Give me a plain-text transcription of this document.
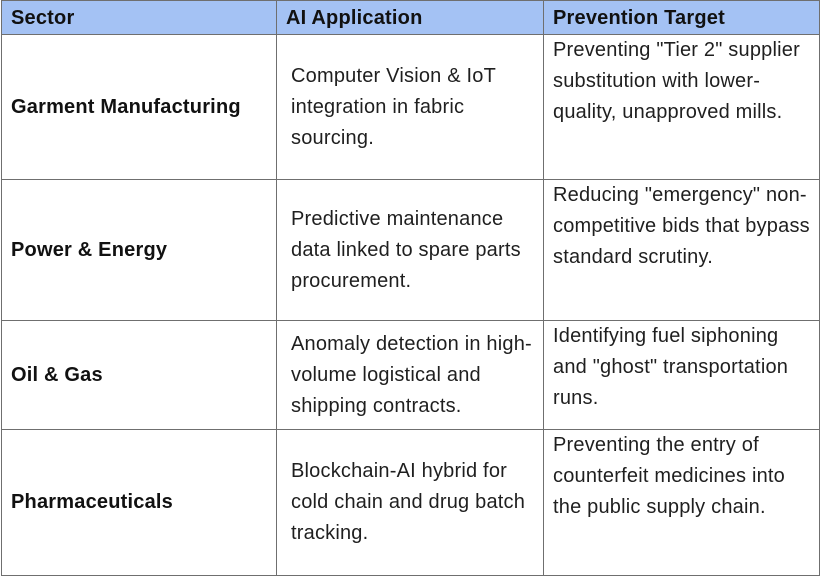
Sector	AI Application	Prevention Target
Garment Manufacturing	Computer Vision & IoT integration in fabric sourcing.	Preventing "Tier 2" supplier substitution with lower-quality, unapproved mills.
Power & Energy	Predictive maintenance data linked to spare parts procurement.	Reducing "emergency" non-competitive bids that bypass standard scrutiny.
Oil & Gas	Anomaly detection in high-volume logistical and shipping contracts.	Identifying fuel siphoning and "ghost" transportation runs.
Pharmaceuticals	Blockchain-AI hybrid for cold chain and drug batch tracking.	Preventing the entry of counterfeit medicines into the public supply chain.
